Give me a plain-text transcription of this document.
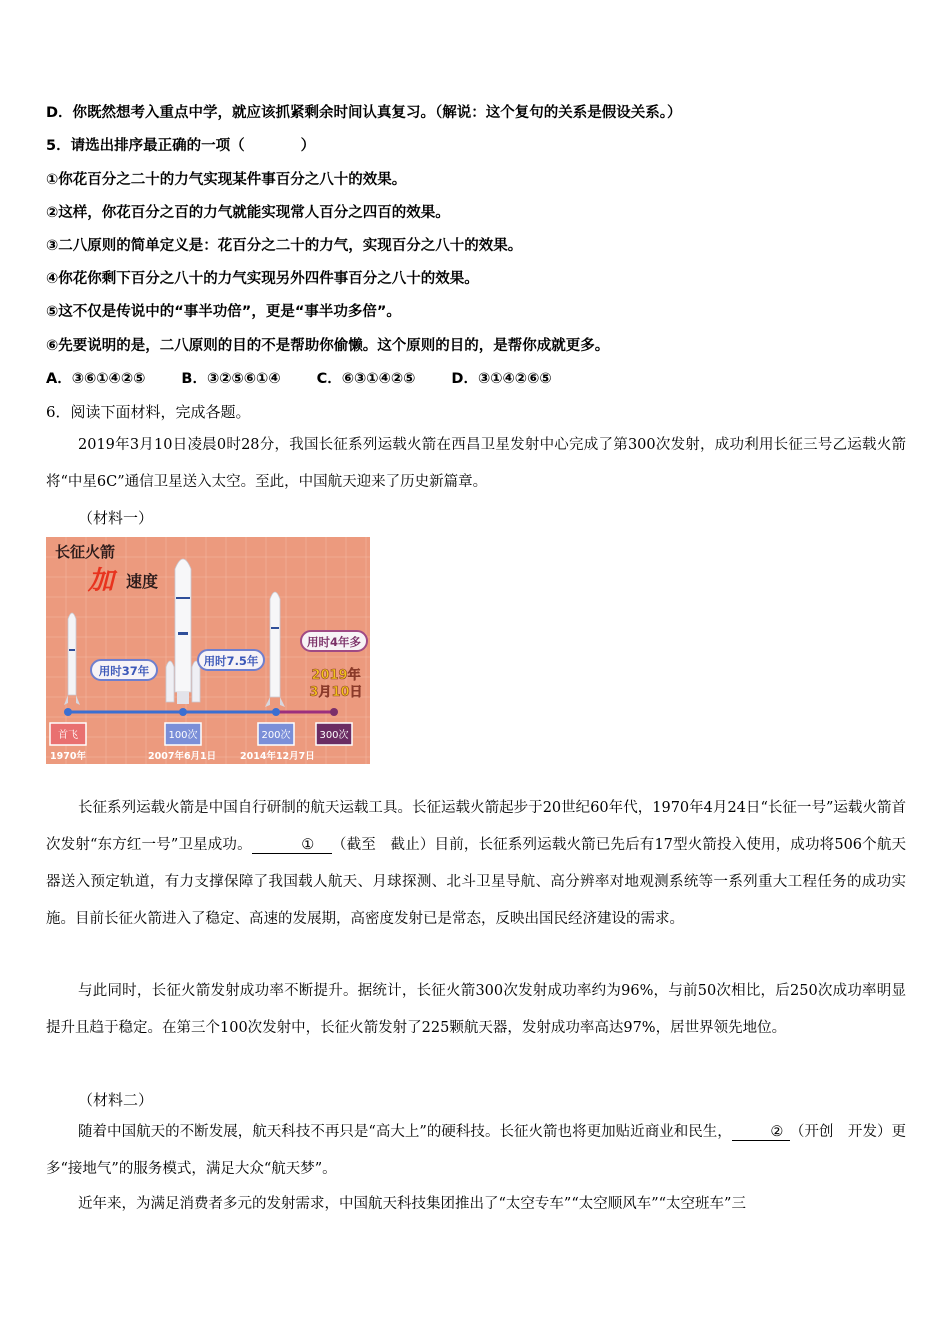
D．你既然想考入重点中学，就应该抓紧剩余时间认真复习。（解说：这个复句的关系是假设关系。）
5．请选出排序最正确的一项（	）
①你花百分之二十的力气实现某件事百分之八十的效果。
②这样，你花百分之百的力气就能实现常人百分之四百的效果。
③二八原则的简单定义是：花百分之二十的力气，实现百分之八十的效果。
④你花你剩下百分之八十的力气实现另外四件事百分之八十的效果。
⑤这不仅是传说中的“事半功倍”，更是“事半功多倍”。
⑥先要说明的是，二八原则的目的不是帮助你偷懒。这个原则的目的，是帮你成就更多。
A．③⑥①④②⑤ B．③②⑤⑥①④ C．⑥③①④②⑤ D．③①④②⑥⑤
6．阅读下面材料，完成各题。
2019年3月10日凌晨0时28分，我国长征系列运载火箭在西昌卫星发射中心完成了第300次发射，成功利用长征三号乙运载火箭将“中星6C”通信卫星送入太空。至此，中国航天迎来了历史新篇章。
（材料一）
长征火箭
加 速度
用时37年
用时7.5年
用时4年多
2019年
3月10日
首飞	100次	200次	300次
1970年	2007年6月1日	2014年12月7日
长征系列运载火箭是中国自行研制的航天运载工具。长征运载火箭起步于20世纪60年代，1970年4月24日“长征一号”运载火箭首次发射“东方红一号”卫星成功。	① （截至　截止）目前，长征系列运载火箭已先后有17型火箭投入使用，成功将506个航天器送入预定轨道，有力支撑保障了我国载人航天、月球探测、北斗卫星导航、高分辨率对地观测系统等一系列重大工程任务的成功实施。目前长征火箭进入了稳定、高速的发展期，高密度发射已是常态，反映出国民经济建设的需求。
与此同时，长征火箭发射成功率不断提升。据统计，长征火箭300次发射成功率约为96%，与前50次相比，后250次成功率明显提升且趋于稳定。在第三个100次发射中，长征火箭发射了225颗航天器，发射成功率高达97%，居世界领先地位。
（材料二）
随着中国航天的不断发展，航天科技不再只是“高大上”的硬科技。长征火箭也将更加贴近商业和民生，	② （开创　开发）更多“接地气”的服务模式，满足大众“航天梦”。
近年来，为满足消费者多元的发射需求，中国航天科技集团推出了“太空专车”“太空顺风车”“太空班车”三
